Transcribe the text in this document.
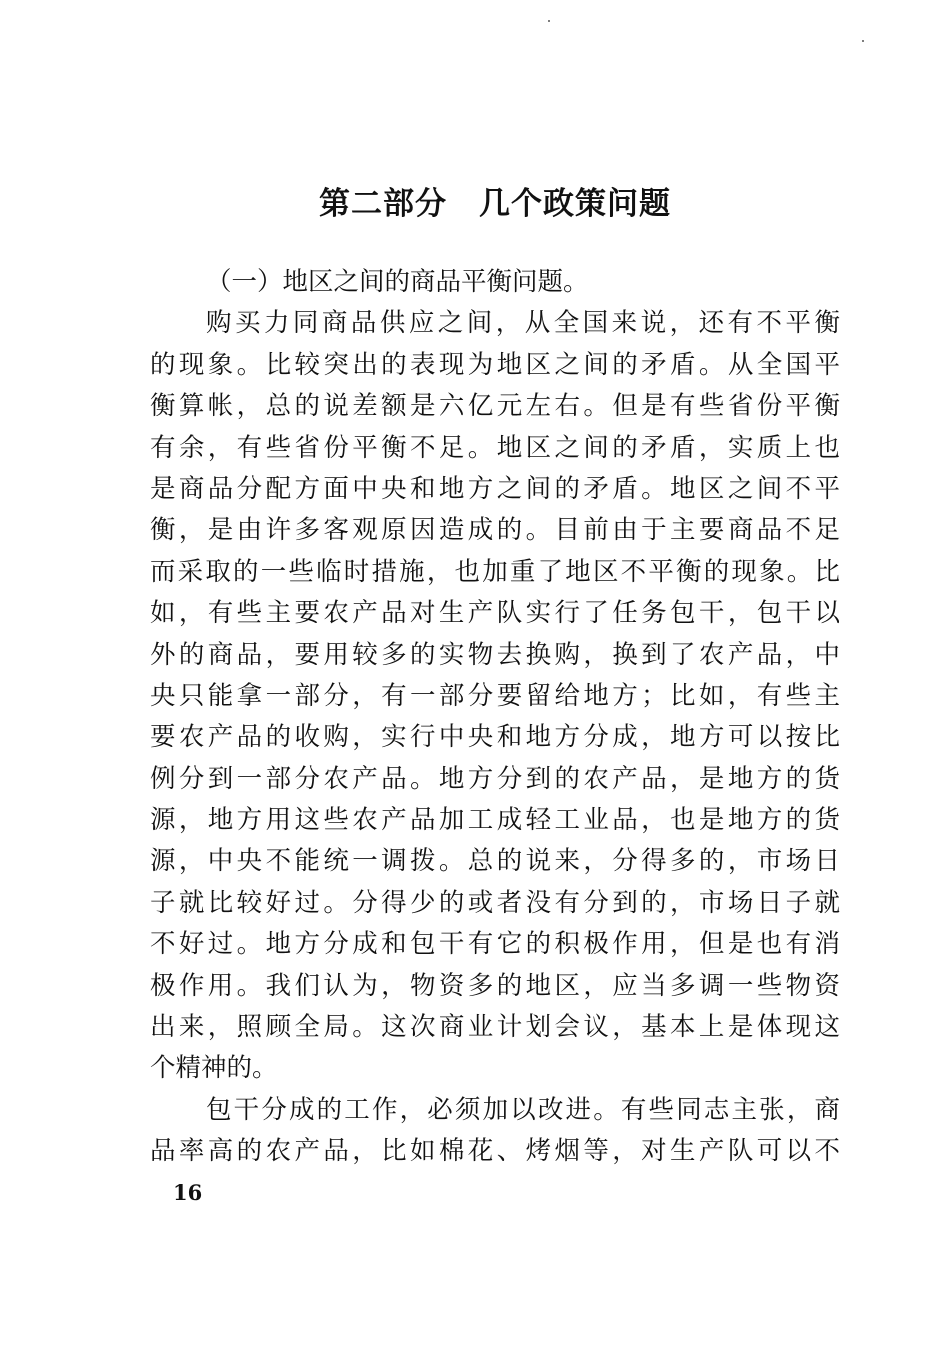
第二部分　几个政策问题
（一）地区之间的商品平衡问题。
购买力同商品供应之间，从全国来说，还有不平衡
的现象。比较突出的表现为地区之间的矛盾。从全国平
衡算帐，总的说差额是六亿元左右。但是有些省份平衡
有余，有些省份平衡不足。地区之间的矛盾，实质上也
是商品分配方面中央和地方之间的矛盾。地区之间不平
衡，是由许多客观原因造成的。目前由于主要商品不足
而采取的一些临时措施，也加重了地区不平衡的现象。比
如，有些主要农产品对生产队实行了任务包干，包干以
外的商品，要用较多的实物去换购，换到了农产品，中
央只能拿一部分，有一部分要留给地方；比如，有些主
要农产品的收购，实行中央和地方分成，地方可以按比
例分到一部分农产品。地方分到的农产品，是地方的货
源，地方用这些农产品加工成轻工业品，也是地方的货
源，中央不能统一调拨。总的说来，分得多的，市场日
子就比较好过。分得少的或者没有分到的，市场日子就
不好过。地方分成和包干有它的积极作用，但是也有消
极作用。我们认为，物资多的地区，应当多调一些物资
出来，照顾全局。这次商业计划会议，基本上是体现这
个精神的。
包干分成的工作，必须加以改进。有些同志主张，商
品率高的农产品，比如棉花、烤烟等，对生产队可以不
16
